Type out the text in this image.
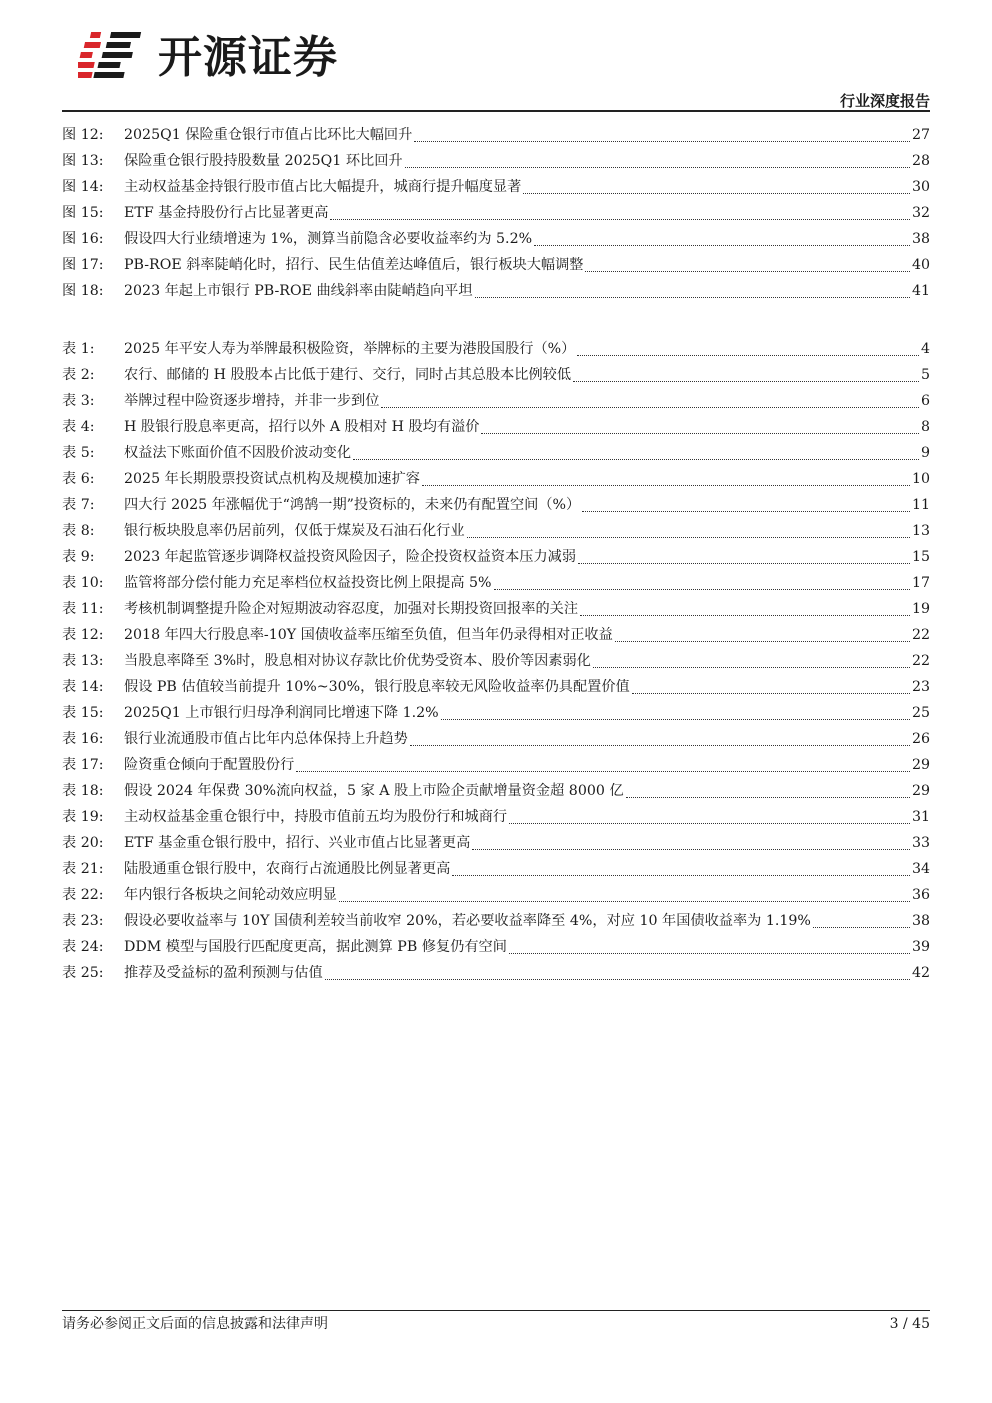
开源证券
行业深度报告
图 12:	2025Q1 保险重仓银行市值占比环比大幅回升	27
图 13:	保险重仓银行股持股数量 2025Q1 环比回升	28
图 14:	主动权益基金持银行股市值占比大幅提升，城商行提升幅度显著	30
图 15:	ETF 基金持股份行占比显著更高	32
图 16:	假设四大行业绩增速为 1%，测算当前隐含必要收益率约为 5.2%	38
图 17:	PB-ROE 斜率陡峭化时，招行、民生估值差达峰值后，银行板块大幅调整	40
图 18:	2023 年起上市银行 PB-ROE 曲线斜率由陡峭趋向平坦	41
表 1:	2025 年平安人寿为举牌最积极险资，举牌标的主要为港股国股行（%）	4
表 2:	农行、邮储的 H 股股本占比低于建行、交行，同时占其总股本比例较低	5
表 3:	举牌过程中险资逐步增持，并非一步到位	6
表 4:	H 股银行股息率更高，招行以外 A 股相对 H 股均有溢价	8
表 5:	权益法下账面价值不因股价波动变化	9
表 6:	2025 年长期股票投资试点机构及规模加速扩容	10
表 7:	四大行 2025 年涨幅优于“鸿鹄一期”投资标的，未来仍有配置空间（%）	11
表 8:	银行板块股息率仍居前列，仅低于煤炭及石油石化行业	13
表 9:	2023 年起监管逐步调降权益投资风险因子，险企投资权益资本压力减弱	15
表 10:	监管将部分偿付能力充足率档位权益投资比例上限提高 5%	17
表 11:	考核机制调整提升险企对短期波动容忍度，加强对长期投资回报率的关注	19
表 12:	2018 年四大行股息率-10Y 国债收益率压缩至负值，但当年仍录得相对正收益	22
表 13:	当股息率降至 3%时，股息相对协议存款比价优势受资本、股价等因素弱化	22
表 14:	假设 PB 估值较当前提升 10%~30%，银行股息率较无风险收益率仍具配置价值	23
表 15:	2025Q1 上市银行归母净利润同比增速下降 1.2%	25
表 16:	银行业流通股市值占比年内总体保持上升趋势	26
表 17:	险资重仓倾向于配置股份行	29
表 18:	假设 2024 年保费 30%流向权益，5 家 A 股上市险企贡献增量资金超 8000 亿	29
表 19:	主动权益基金重仓银行中，持股市值前五均为股份行和城商行	31
表 20:	ETF 基金重仓银行股中，招行、兴业市值占比显著更高	33
表 21:	陆股通重仓银行股中，农商行占流通股比例显著更高	34
表 22:	年内银行各板块之间轮动效应明显	36
表 23:	假设必要收益率与 10Y 国债利差较当前收窄 20%，若必要收益率降至 4%，对应 10 年国债收益率为 1.19%	38
表 24:	DDM 模型与国股行匹配度更高，据此测算 PB 修复仍有空间	39
表 25:	推荐及受益标的盈利预测与估值	42
请务必参阅正文后面的信息披露和法律声明	3 / 45
